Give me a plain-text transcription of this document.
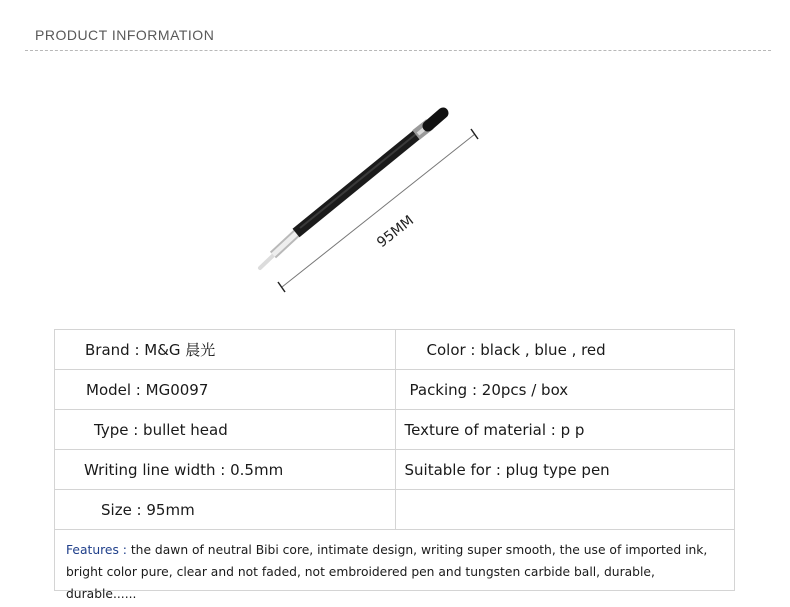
PRODUCT INFORMATION
95MM
Brand : M&G 晨光	Color : black , blue , red
Model : MG0097	Packing : 20pcs / box
Type : bullet head	Texture of material : p p
Writing line width : 0.5mm	Suitable for : plug type pen
Size : 95mm	
Features : the dawn of neutral Bibi core, intimate design, writing super smooth, the use of imported ink, bright color pure, clear and not faded, not embroidered pen and tungsten carbide ball, durable, durable......
